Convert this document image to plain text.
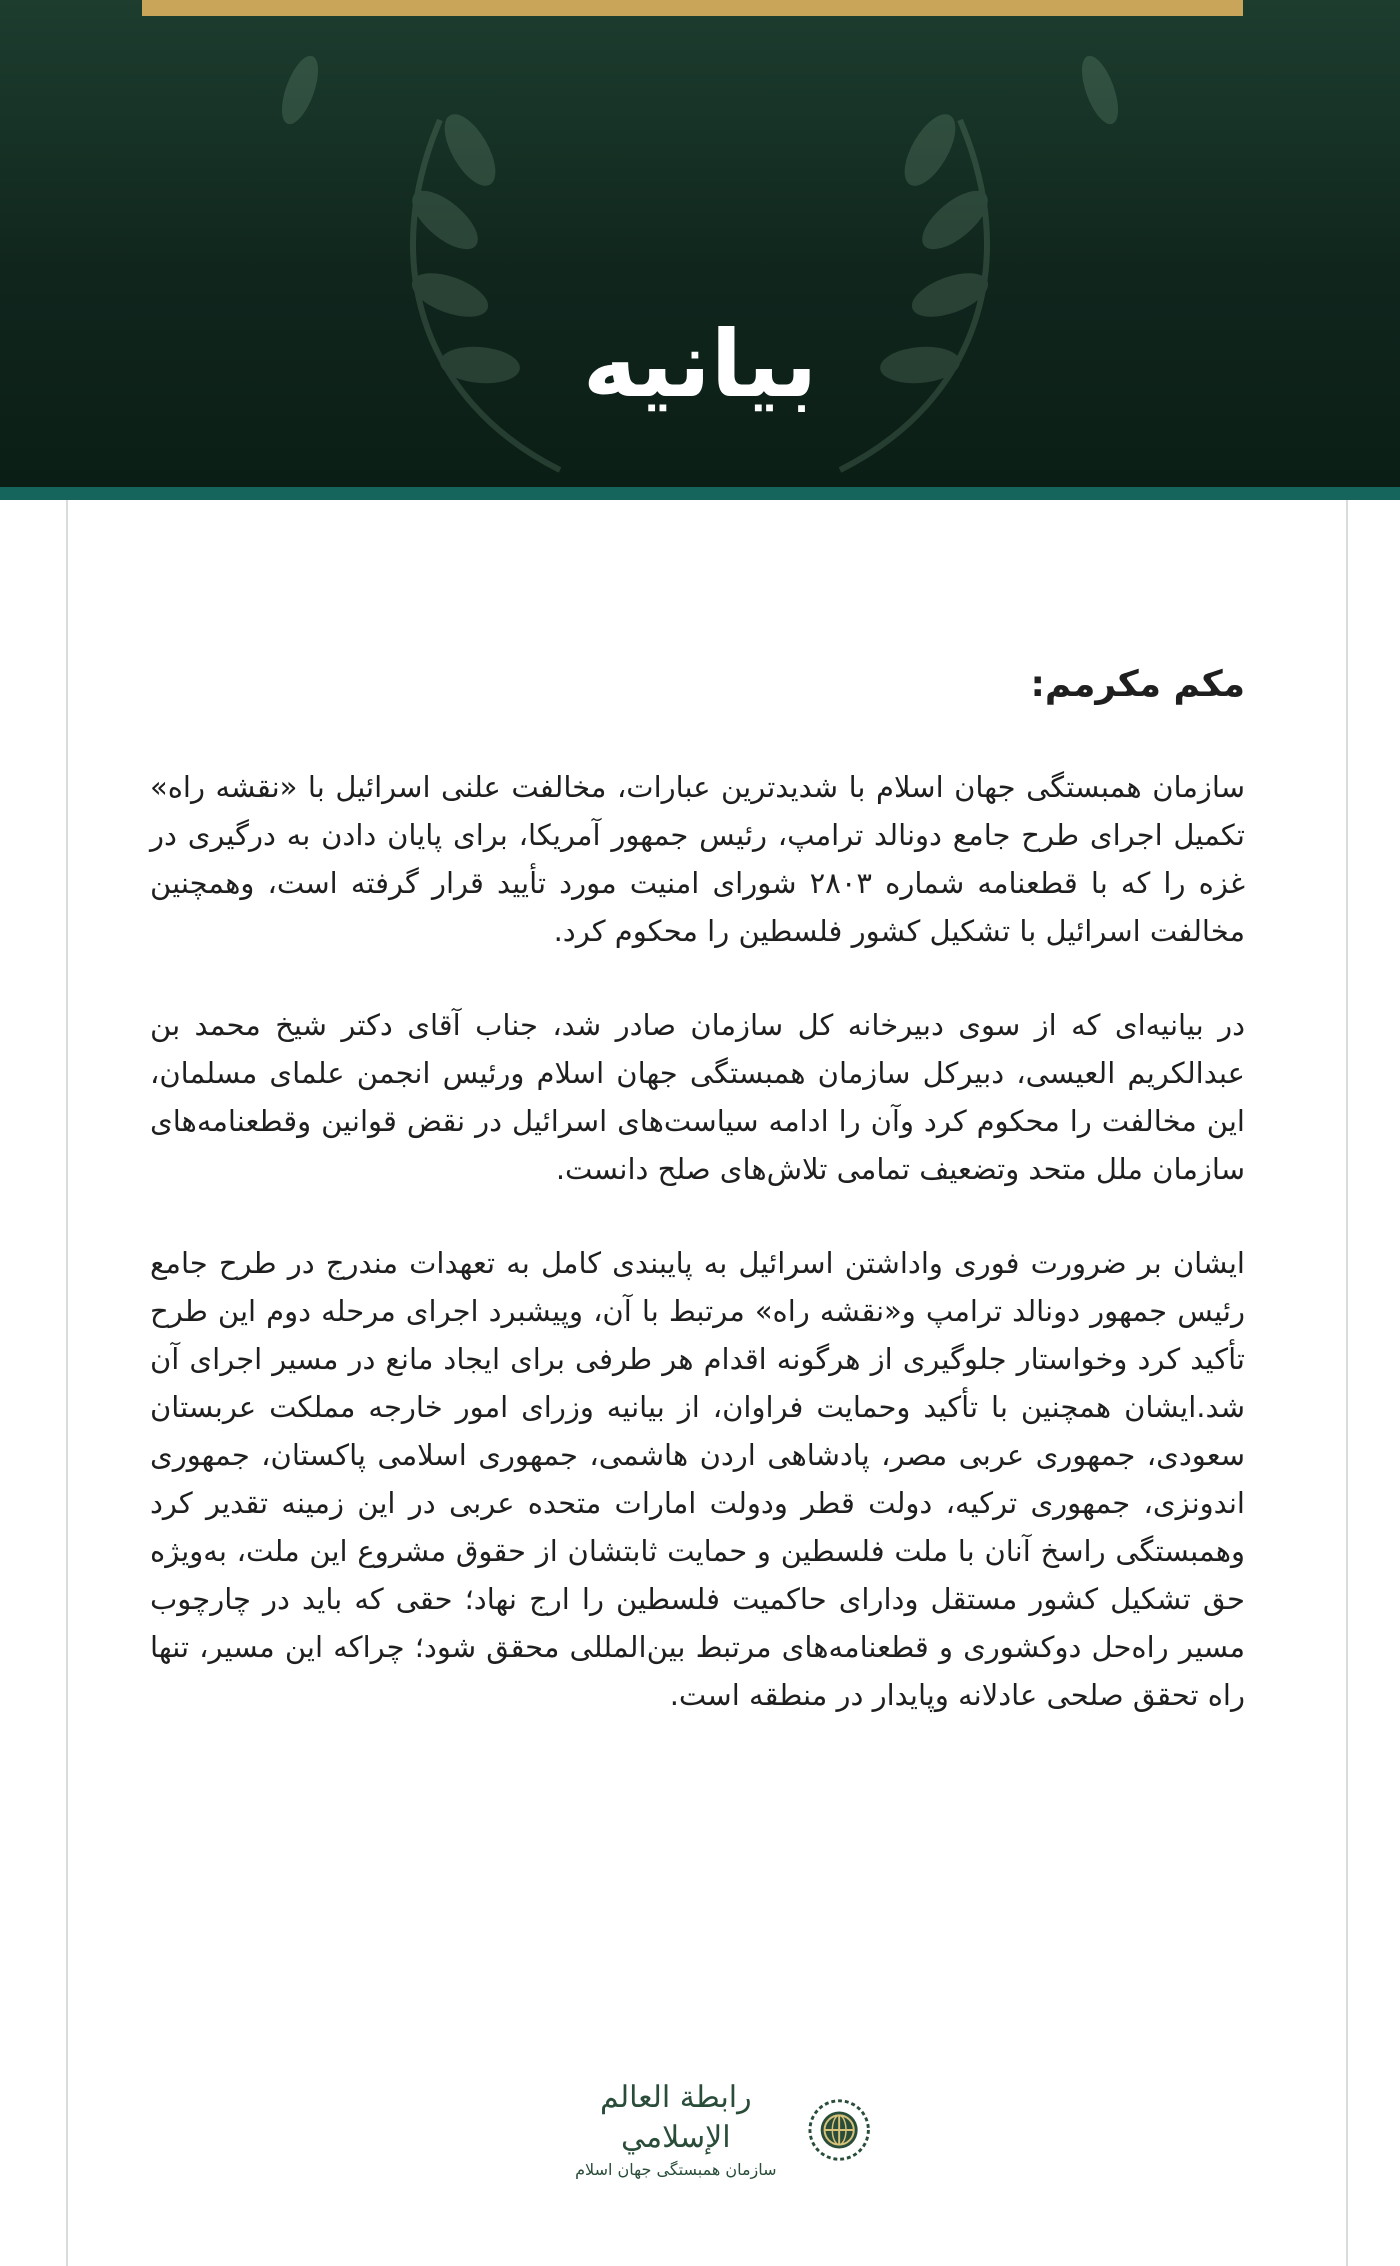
بیانیه

مکم مکرمم:

سازمان همبستگی جهان اسلام با شدیدترین عبارات، مخالفت علنی اسرائیل با «نقشه راه» تکمیل اجرای طرح جامع دونالد ترامپ، رئیس جمهور آمریکا، برای پایان دادن به درگیری در غزه را که با قطعنامه شماره ۲۸۰۳ شورای امنیت مورد تأیید قرار گرفته است، وهمچنین مخالفت اسرائیل با تشکیل کشور فلسطین را محکوم کرد.

در بیانیه‌ای که از سوی دبیرخانه کل سازمان صادر شد، جناب آقای دکتر شیخ محمد بن عبدالکریم العیسی، دبیرکل سازمان همبستگی جهان اسلام ورئیس انجمن علمای مسلمان، این مخالفت را محکوم کرد وآن را ادامه سیاست‌های اسرائیل در نقض قوانین وقطعنامه‌های سازمان ملل متحد وتضعیف تمامی تلاش‌های صلح دانست.

ایشان بر ضرورت فوری واداشتن اسرائیل به پایبندی کامل به تعهدات مندرج در طرح جامع رئیس جمهور دونالد ترامپ و«نقشه راه» مرتبط با آن، وپیشبرد اجرای مرحله دوم این طرح تأکید کرد وخواستار جلوگیری از هرگونه اقدام هر طرفی برای ایجاد مانع در مسیر اجرای آن شد.ایشان همچنین با تأکید وحمایت فراوان، از بیانیه وزرای امور خارجه مملکت عربستان سعودی، جمهوری عربی مصر، پادشاهی اردن هاشمی، جمهوری اسلامی پاکستان، جمهوری اندونزی، جمهوری ترکیه، دولت قطر ودولت امارات متحده عربی در این زمینه تقدیر کرد وهمبستگی راسخ آنان با ملت فلسطین و حمایت ثابتشان از حقوق مشروع این ملت، به‌ویژه حق تشکیل کشور مستقل ودارای حاکمیت فلسطین را ارج نهاد؛ حقی که باید در چارچوب مسیر راه‌حل دوکشوری و قطعنامه‌های مرتبط بین‌المللی محقق شود؛ چراکه این مسیر، تنها راه تحقق صلحی عادلانه وپایدار در منطقه است.

رابطة العالم الإسلامي
سازمان همبستگی جهان اسلام
